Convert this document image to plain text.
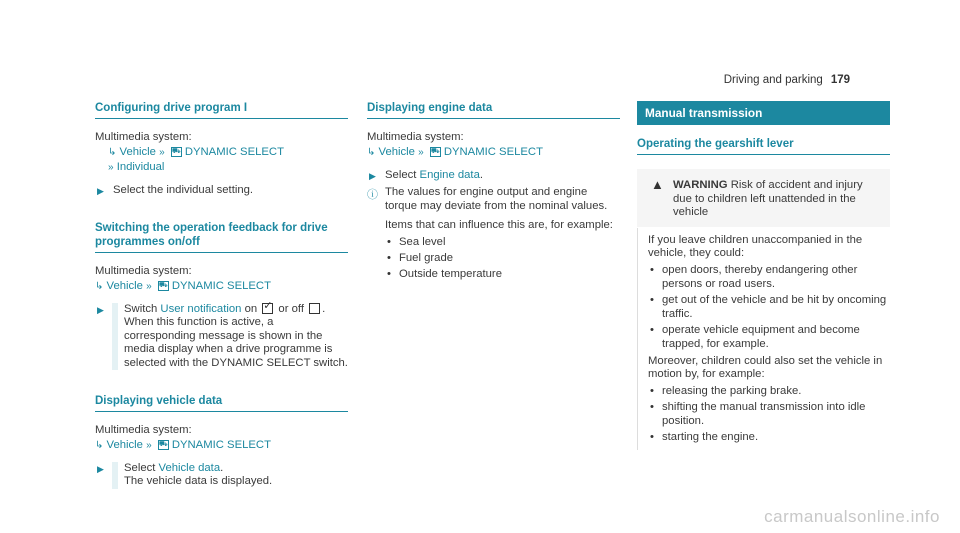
Driving and parking 179
Configuring drive program I

Multimedia system:

↳ Vehicle » ⛟ DYNAMIC SELECT
» Individual
▶ Select the individual setting.

Switching the operation feedback for drive
programmes on/off

Multimedia system:

↳ Vehicle » ⛟ DYNAMIC SELECT
▶	Switch User notification on ✓ or off .
When this function is active, a corresponding message is shown in the media display when a drive programme is selected with the DYNAMIC SELECT switch.

Displaying vehicle data

Multimedia system:

↳ Vehicle » ⛟ DYNAMIC SELECT
▶	Select Vehicle data.
The vehicle data is displayed.

Displaying engine data

Multimedia system:

↳ Vehicle » ⛟ DYNAMIC SELECT
▶ Select Engine data.

ⓘ The values for engine output and engine torque may deviate from the nominal values.

Items that can influence this are, for example:

• Sea level
• Fuel grade
• Outside temperature
Manual transmission
Operating the gearshift lever
▲ WARNING Risk of accident and injury due to children left unattended in the vehicle

If you leave children unaccompanied in the vehicle, they could:

• open doors, thereby endangering other persons or road users.
• get out of the vehicle and be hit by oncoming traffic.
• operate vehicle equipment and become trapped, for example.

Moreover, children could also set the vehicle in motion by, for example:

• releasing the parking brake.
• shifting the manual transmission into idle position.
• starting the engine.
carmanualsonline.info
